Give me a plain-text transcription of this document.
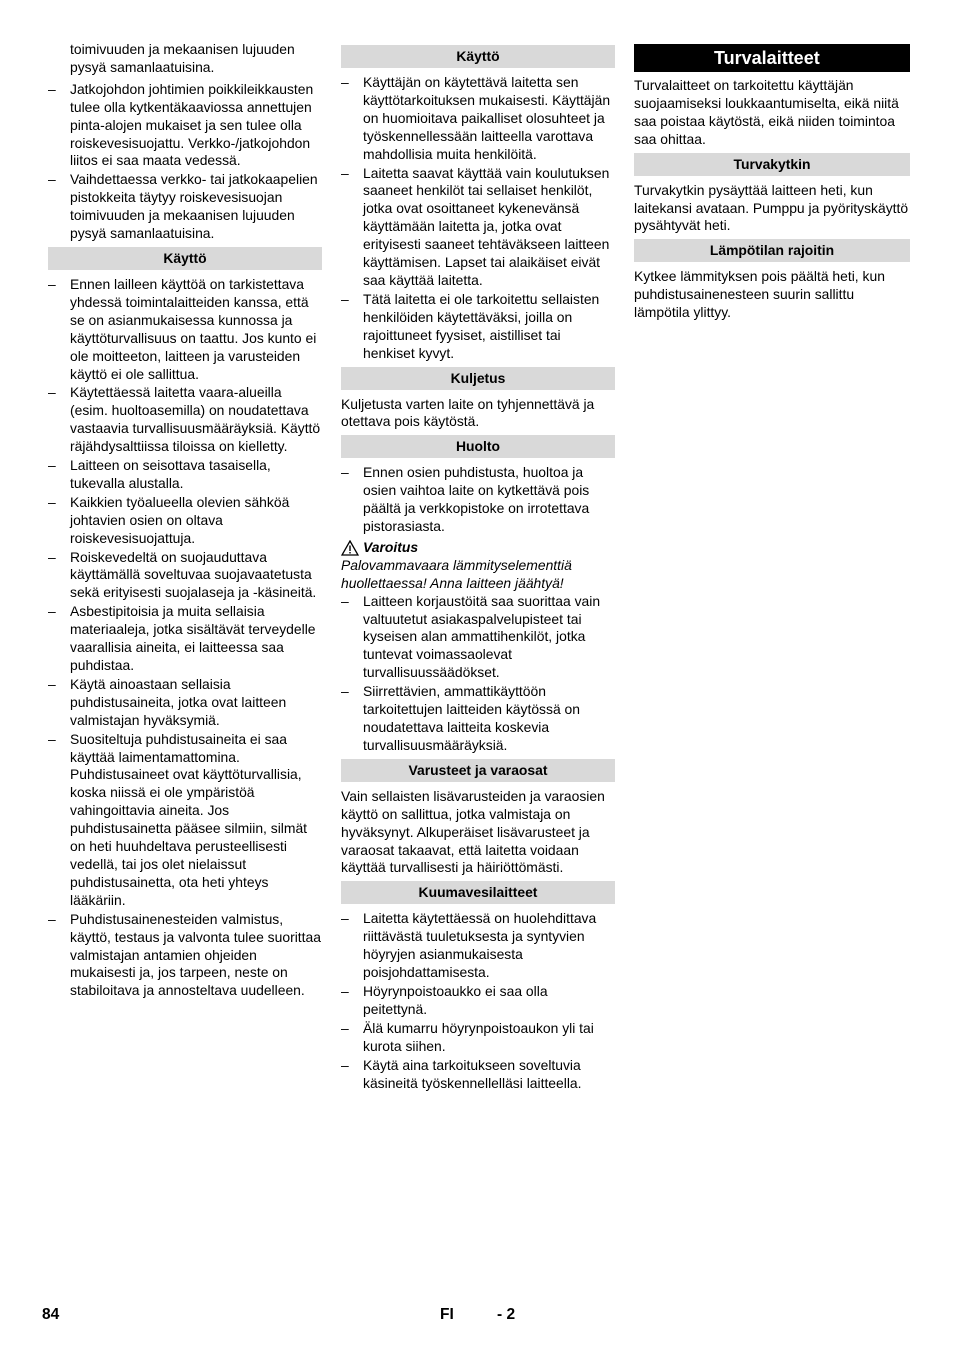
toimivuuden ja mekaanisen lujuuden pysyä samanlaatuisina.
– Jatkojohdon johtimien poikkileikkausten tulee olla kytkentäkaaviossa annettujen pinta-alojen mukaiset ja sen tulee olla roiskevesisuojattu. Verkko-/jatkojohdon liitos ei saa maata vedessä.
– Vaihdettaessa verkko- tai jatkokaapelien pistokkeita täytyy roiskevesisuojan toimivuuden ja mekaanisen lujuuden pysyä samanlaatuisina.
Käyttö
– Ennen lailleen käyttöä on tarkistettava yhdessä toimintalaitteiden kanssa, että se on asianmukaisessa kunnossa ja käyttöturvallisuus on taattu. Jos kunto ei ole moitteeton, laitteen ja varusteiden käyttö ei ole sallittua.
– Käytettäessä laitetta vaara-alueilla (esim. huoltoasemilla) on noudatettava vastaavia turvallisuusmääräyksiä. Käyttö räjähdysalttiissa tiloissa on kielletty.
– Laitteen on seisottava tasaisella, tukevalla alustalla.
– Kaikkien työalueella olevien sähköä johtavien osien on oltava roiskevesisuojattuja.
– Roiskevedeltä on suojauduttava käyttämällä soveltuvaa suojavaatetusta sekä erityisesti suojalaseja ja -käsineitä.
– Asbestipitoisia ja muita sellaisia materiaaleja, jotka sisältävät terveydelle vaarallisia aineita, ei laitteessa saa puhdistaa.
– Käytä ainoastaan sellaisia puhdistusaineita, jotka ovat laitteen valmistajan hyväksymiä.
– Suositeltuja puhdistusaineita ei saa käyttää laimentamattomina. Puhdistusaineet ovat käyttöturvallisia, koska niissä ei ole ympäristöä vahingoittavia aineita. Jos puhdistusainetta pääsee silmiin, silmät on heti huuhdeltava perusteellisesti vedellä, tai jos olet nielaissut puhdistusainetta, ota heti yhteys lääkäriin.
– Puhdistusainenesteiden valmistus, käyttö, testaus ja valvonta tulee suorittaa valmistajan antamien ohjeiden mukaisesti ja, jos tarpeen, neste on stabiloitava ja annosteltava uudelleen.
Käyttö
– Käyttäjän on käytettävä laitetta sen käyttötarkoituksen mukaisesti. Käyttäjän on huomioitava paikalliset olosuhteet ja työskennellessään laitteella varottava mahdollisia muita henkilöitä.
– Laitetta saavat käyttää vain koulutuksen saaneet henkilöt tai sellaiset henkilöt, jotka ovat osoittaneet kykenevänsä käyttämään laitetta ja, jotka ovat erityisesti saaneet tehtäväkseen laitteen käyttämisen. Lapset tai alaikäiset eivät saa käyttää laitetta.
– Tätä laitetta ei ole tarkoitettu sellaisten henkilöiden käytettäväksi, joilla on rajoittuneet fyysiset, aistilliset tai henkiset kyvyt.
Kuljetus

Kuljetusta varten laite on tyhjennettävä ja otettava pois käytöstä.

Huolto
– Ennen osien puhdistusta, huoltoa ja osien vaihtoa laite on kytkettävä pois päältä ja verkkopistoke on irrotettava pistorasiasta.
Varoitus

Palovammavaara lämmityselementtiä huollettaessa! Anna laitteen jäähtyä!

– Laitteen korjaustöitä saa suorittaa vain valtuutetut asiakaspalvelupisteet tai kyseisen alan ammattihenkilöt, jotka tuntevat voimassaolevat turvallisuussäädökset.
– Siirrettävien, ammattikäyttöön tarkoitettujen laitteiden käytössä on noudatettava laitteita koskevia turvallisuusmääräyksiä.
Varusteet ja varaosat

Vain sellaisten lisävarusteiden ja varaosien käyttö on sallittua, jotka valmistaja on hyväksynyt. Alkuperäiset lisävarusteet ja varaosat takaavat, että laitetta voidaan käyttää turvallisesti ja häiriöttömästi.

Kuumavesilaitteet
– Laitetta käytettäessä on huolehdittava riittävästä tuuletuksesta ja syntyvien höyryjen asianmukaisesta poisjohdattamisesta.
– Höyrynpoistoaukko ei saa olla peitettynä.
– Älä kumarru höyrynpoistoaukon yli tai kurota siihen.
– Käytä aina tarkoitukseen soveltuvia käsineitä työskennellelläsi laitteella.
Turvalaitteet

Turvalaitteet on tarkoitettu käyttäjän suojaamiseksi loukkaantumiselta, eikä niitä saa poistaa käytöstä, eikä niiden toimintoa saa ohittaa.

Turvakytkin

Turvakytkin pysäyttää laitteen heti, kun laitekansi avataan. Pumppu ja pyörityskäyttö pysähtyvät heti.

Lämpötilan rajoitin

Kytkee lämmityksen pois päältä heti, kun puhdistusainenesteen suurin sallittu lämpötila ylittyy.

84	FI	- 2
